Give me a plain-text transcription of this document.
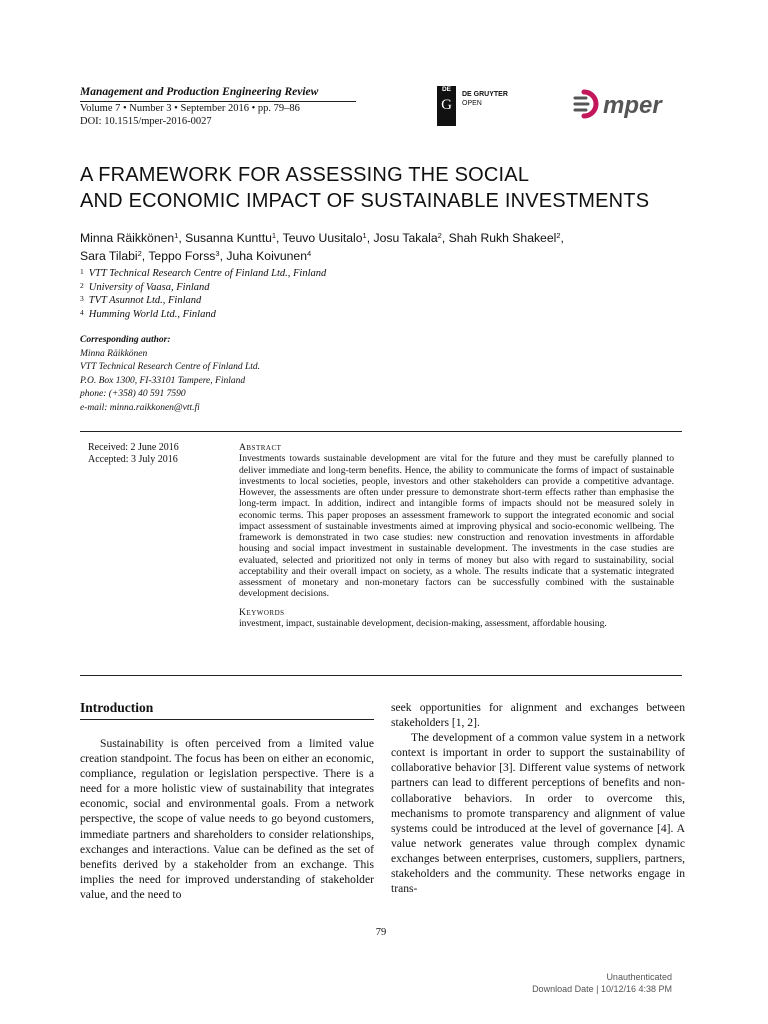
Management and Production Engineering Review
Volume 7 • Number 3 • September 2016 • pp. 79–86
DOI: 10.1515/mper-2016-0027
DE
G
DE GRUYTER
OPEN	mper
A FRAMEWORK FOR ASSESSING THE SOCIAL
AND ECONOMIC IMPACT OF SUSTAINABLE INVESTMENTS
Minna Räikkönen$^1$, Susanna Kunttu$^1$, Teuvo Uusitalo$^1$, Josu Takala$^2$, Shah Rukh Shakeel$^2$,
Sara Tilabi$^2$, Teppo Forss$^3$, Juha Koivunen$^4$
$^1$ VTT Technical Research Centre of Finland Ltd., Finland
$^2$ University of Vaasa, Finland
$^3$ TVT Asunnot Ltd., Finland
$^4$ Humming World Ltd., Finland
Corresponding author:
Minna Räikkönen
VTT Technical Research Centre of Finland Ltd.
P.O. Box 1300, FI-33101 Tampere, Finland
phone: (+358) 40 591 7590
e-mail: minna.raikkonen@vtt.fi
Received: 2 June 2016
Accepted: 3 July 2016
Abstract
Investments towards sustainable development are vital for the future and they must be carefully planned to deliver immediate and long-term benefits. Hence, the ability to communicate the forms of impact of sustainable investments to local societies, people, investors and other stakeholders can provide a competitive advantage. However, the assessments are often under pressure to demonstrate short-term effects rather than emphasise the long-term impact. In addition, indirect and intangible forms of impacts should not be measured solely in economic terms. This paper proposes an assessment framework to support the integrated economic and social impact assessment of sustainable investments aimed at improving physical and socio-economic wellbeing. The framework is demonstrated in two case studies: new construction and renovation investments in affordable housing and social impact investment in sustainable development. The investments in the case studies are evaluated, selected and prioritized not only in terms of money but also with regard to sustainability, social acceptability and their overall impact on society, as a whole. The results indicate that a systematic integrated assessment of monetary and non-monetary factors can be successfully combined with the sustainable development decisions.
Keywords
investment, impact, sustainable development, decision-making, assessment, affordable housing.
Introduction

Sustainability is often perceived from a limited value creation standpoint. The focus has been on either an economic, compliance, regulation or legislation perspective. There is a need for a more holistic view of sustainability that integrates economic, social and environmental goals. From a network perspective, the scope of value needs to go beyond customers, immediate partners and shareholders to consider relationships, exchanges and interactions. Value can be defined as the set of benefits derived by a stakeholder from an exchange. This implies the need for improved understanding of stakeholder value, and the need to

seek opportunities for alignment and exchanges between stakeholders [1, 2].

The development of a common value system in a network context is important in order to support the sustainability of collaborative behavior [3]. Different value systems of network partners can lead to different perceptions of benefits and non-collaborative behaviors. In order to overcome this, mechanisms to promote transparency and alignment of value systems could be introduced at the level of governance [4]. A value network generates value through complex dynamic exchanges between enterprises, customers, suppliers, partners, stakeholders and the community. These networks engage in trans-

79
Unauthenticated
Download Date | 10/12/16 4:38 PM
